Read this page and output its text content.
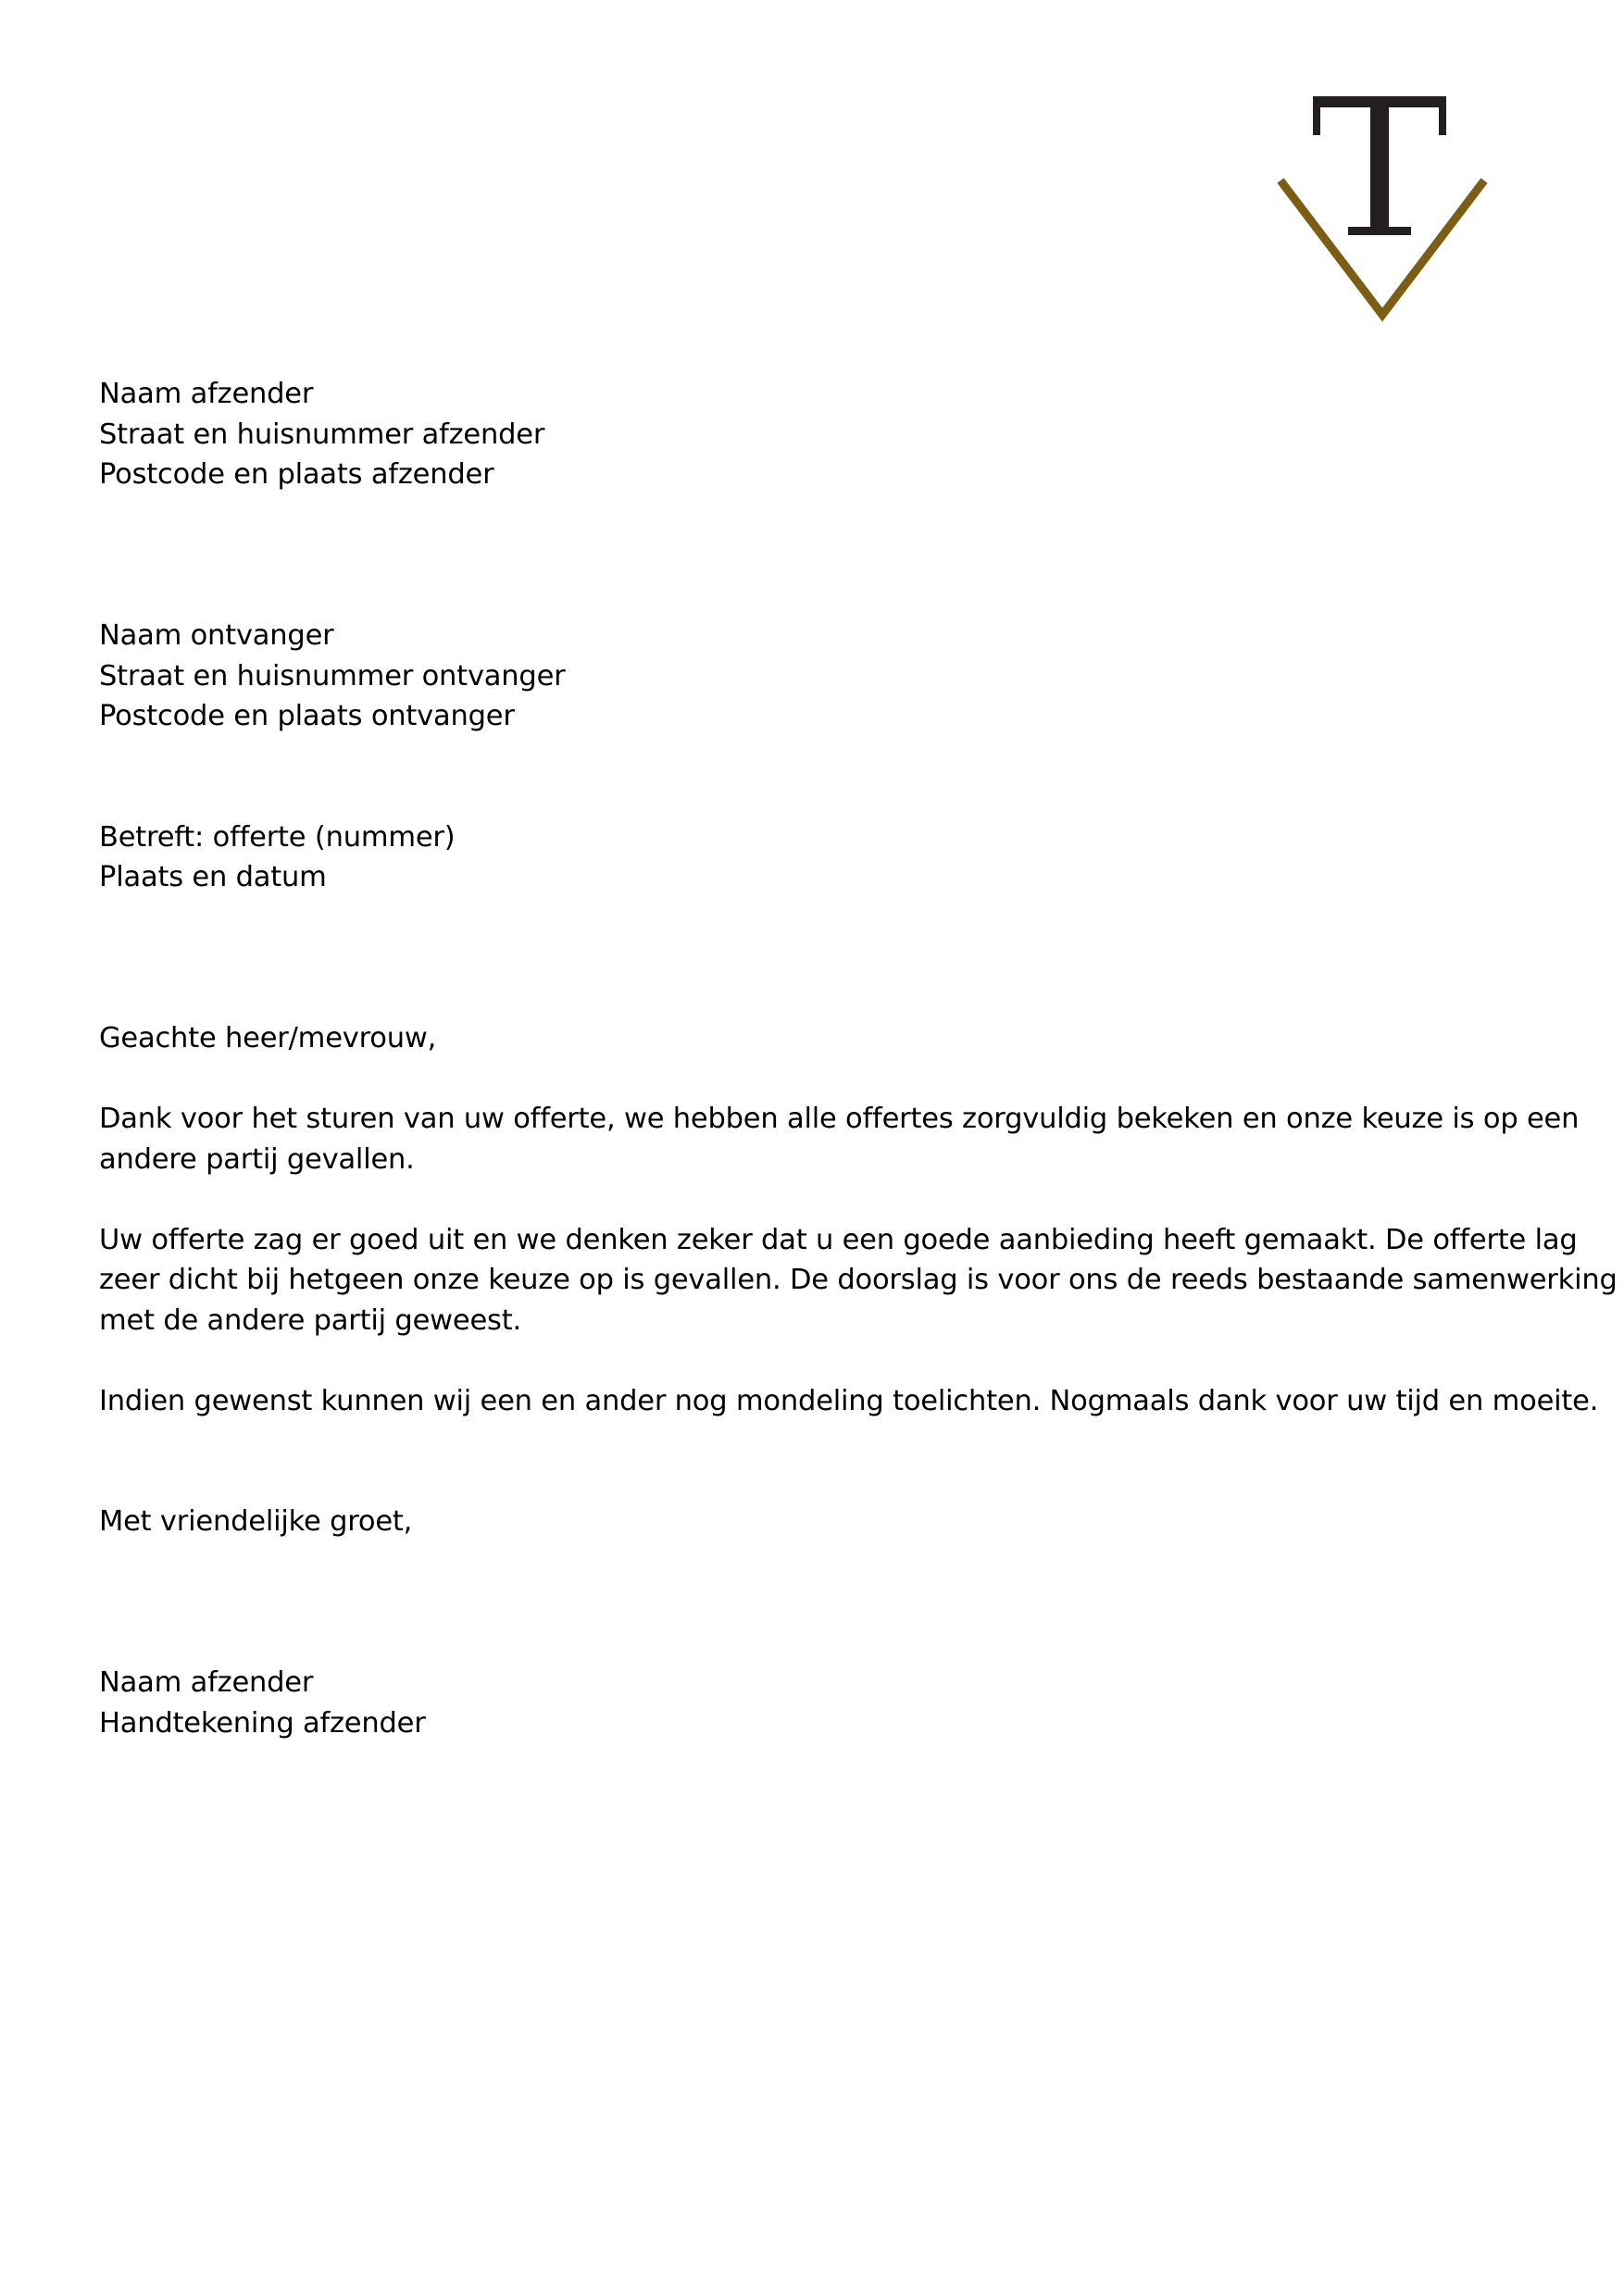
Naam afzender
Straat en huisnummer afzender
Postcode en plaats afzender
Naam ontvanger
Straat en huisnummer ontvanger
Postcode en plaats ontvanger
Betreft: offerte (nummer)
Plaats en datum
Geachte heer/mevrouw,
Dank voor het sturen van uw offerte, we hebben alle offertes zorgvuldig bekeken en onze keuze is op een
andere partij gevallen.
Uw offerte zag er goed uit en we denken zeker dat u een goede aanbieding heeft gemaakt. De offerte lag
zeer dicht bij hetgeen onze keuze op is gevallen. De doorslag is voor ons de reeds bestaande samenwerking
met de andere partij geweest.
Indien gewenst kunnen wij een en ander nog mondeling toelichten. Nogmaals dank voor uw tijd en moeite.
Met vriendelijke groet,
Naam afzender
Handtekening afzender
